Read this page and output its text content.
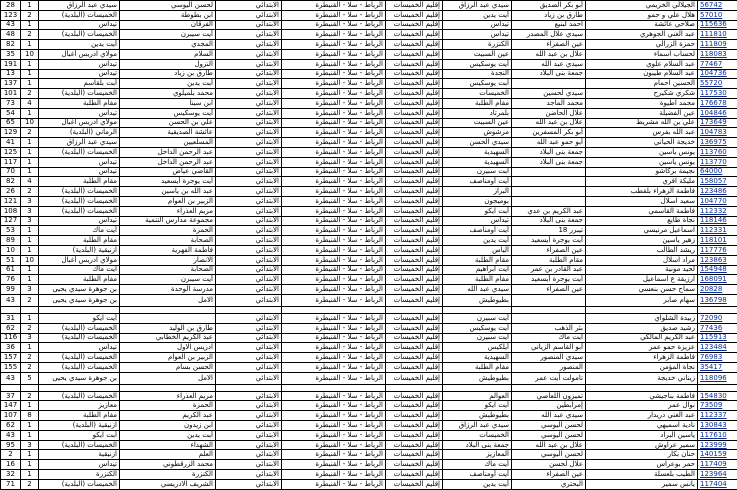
56742	الجيلالي الخزيمي	أبو بكر الصديق	سيدي عبد الرزاق	إقليم الخميسات	الرباط - سلا - القنيطرة	الابتدائي	لحسن اليوسي	سيدي عبد الرزاق	1	28
57010	هلال علي و حمو	طارق بن زياد	أيت يدين	إقليم الخميسات	الرباط - سلا - القنيطرة	الابتدائي	ابن بطوطة	الخميسات (البلدية)	2	123
115636	صلاحي عائشة	احمد لبنيع	تيداس	إقليم الخميسات	الرباط - سلا - القنيطرة	الابتدائي	الفرقان	تيداس	1	43
111810	عبد الغني الجوهري	سيدي علال المصدر	تيداس	إقليم الخميسات	الرباط - سلا - القنيطرة	الابتدائي	أيت سيبرن	الخميسات (البلدية)	2	48
111809	حمزة الزرالي	عين الصفراء	الكنزرة	إقليم الخميسات	الرباط - سلا - القنيطرة	الابتدائي	المجدي	أيت يدين	1	82
118083	لحساب اسماء	علال بن عبد الله	عين السبيت	إقليم الخميسات	الرباط - سلا - القنيطرة	الابتدائي	السلام	مولاي ادريس أغبال	10	35
77467	عبد السلام علوي	سيدي عبد الله	أيت يوسكيس	إقليم الخميسات	الرباط - سلا - القنيطرة	الابتدائي	النزول	تيداس	1	191
104736	عبد السلام طيبون	جمعة بنى البلاد	النجدة	إقليم الخميسات	الرباط - سلا - القنيطرة	الابتدائي	طارق بن زياد	تيداس	1	13
55720	الحسين احمام		أيت يوسكيس	إقليم الخميسات	الرباط - سلا - القنيطرة	الابتدائي	أيت يدين	أيت بلقاسم	1	137
117530	شكري شكيرح	سيدي لحسين	الخميسات	إقليم الخميسات	الرباط - سلا - القنيطرة	الابتدائي	محمد بلميلوي	الخميسات (البلدية)	2	101
176678	محمد اطيوة	محمد الماجد	مقام الطلبة	إقليم الخميسات	الرباط - سلا - القنيطرة	الابتدائي	ابن سينا	مقام الطلبة	4	73
104846	عين الفضيلة	علال الحاضن	بلمرتاد	إقليم الخميسات	الرباط - سلا - القنيطرة	الابتدائي	أيت يوسكيس	تيداس	1	54
173649	علي بن الله مشريط	علال بن عبد الله	عين السبيت	إقليم الخميسات	الرباط - سلا - القنيطرة	الابتدائي	علي بن الحسن	مولاي ادريس أغبال	10	65
104783	عبد الله بفرس	أبو بكر المسفرين	مرشوش	إقليم الخميسات	الرباط - سلا - القنيطرة	الابتدائي	عائشة الصديقية	الرماني (البلدية)	2	129
136975	خديجة الحياني	أبو حمو عبد الله	سيدي الحسن	إقليم الخميسات	الرباط - سلا - القنيطرة	الابتدائي	المسلعيين	سيدي عبد الرزاق	1	41
113760	يونس ياسين	جمعة بنى البلاد	السهيدية	إقليم الخميسات	الرباط - سلا - القنيطرة	الابتدائي	عبد الرحمن الداخل	الخميسات (البلدية)	1	125
113770	يونس ياسين	جمعة بنى البلاد	السهيدية	إقليم الخميسات	الرباط - سلا - القنيطرة	الابتدائي	عبد الرحمن الداخل	تيداس	1	117
64000	نجيمة بركاشو		أيت سبيرن	إقليم الخميسات	الرباط - سلا - القنيطرة	الابتدائي	القاضي عياض	تيداس	1	70
158057	مليكة افري		أيت أومناصف	إقليم الخميسات	الرباط - سلا - القنيطرة	الابتدائي	أيت يوجرة أيسعيد	مقام الطلبة	4	82
123486	فاطمة الزهراء بلقطب		البراز	إقليم الخميسات	الرباط - سلا - القنيطرة	الابتدائي	عبد الله بن ياسين	الخميسات (البلدية)	2	26
104770	سعيد اسلال		بوميجون	إقليم الخميسات	الرباط - سلا - القنيطرة	الابتدائي	الزبير بن العوام	الخميسات (البلدية)	3	121
112332	فاطمة القاسمي	عبد الكريم بن عدي	أيت ايكو	إقليم الخميسات	الرباط - سلا - القنيطرة	الابتدائي	مريم العذراء	الخميسات (البلدية)	3	108
118146	نجاة طايع	جمعة بنى البلاد	تيداس	إقليم الخميسات	الرباط - سلا - القنيطرة	الابتدائي	مجموعة مدارس التنمية	تيداس	3	127
112331	اسماعيل مرنيسي	تيبرر 18	أيت أومناصف	إقليم الخميسات	الرباط - سلا - القنيطرة	الابتدائي	الحمزة	أيت ماك	1	53
118101	زهير ياسين	أيت يوجرة أيسعيد	أيت يدين	إقليم الخميسات	الرباط - سلا - القنيطرة	الابتدائي	الصحابة	مقام الطلبة	1	89
117776	ريشد الطالب	عين الصفراء	الياس	إقليم الخميسات	الرباط - سلا - القنيطرة	الابتدائي	فاطمة الفهرية	ازنيقية (البلدية)	1	10
123863	مراد اسلال	مقام الطلبة	مقام الطلبة	إقليم الخميسات	الرباط - سلا - القنيطرة	الابتدائي	الانصار	مولاي ادريس أغبال	10	51
154948	لحيد مونية	عبد القادر بن عمر	أيت ابراهيم	إقليم الخميسات	الرباط - سلا - القنيطرة	الابتدائي	الصحابة	أيت ماك	1	61
168091	ارزيقة ع اسماعيل	أيت يوجرة أيسعيد	مقام الطلبة	إقليم الخميسات	الرباط - سلا - القنيطرة	الابتدائي	أيت سيبرن	مقام الطلبة	1	76
20828	سماح حسن بنعسي	عين الصفراء	سيدي عبد الله	إقليم الخميسات	الرباط - سلا - القنيطرة	الابتدائي	مدرسة الوحدة	بن جوهرة سيدي يحيى	3	99
136798	سهام صابر		بطيوطيش	إقليم الخميسات	الرباط - سلا - القنيطرة	الابتدائي	الامل	بن جوهرة سيدي يحيى	2	43

72090	زبيدة الشلواي		أيت سبيرن	إقليم الخميسات	الرباط - سلا - القنيطرة	الابتدائي		أيت ايكو	1	31
77436	رشيد صديق	بئر الذهب	أيت يوسكيس	إقليم الخميسات	الرباط - سلا - القنيطرة	الابتدائي	طارق بن الوليد	الخميسات (البلدية)	2	62
115913	عبد الكريم المالكي	أيت ماك	أيت سبيرن	إقليم الخميسات	الرباط - سلا - القنيطرة	الابتدائي	عبد الكريم الخطابي	الخميسات (البلدية)	3	116
123484	عزيزة حمو عمر	أبو القاسم الزياني	أيلكيس	إقليم الخميسات	الرباط - سلا - القنيطرة	الابتدائي	ادريس الاول	تيداس	1	36
76983	فاطمة الزهراء	سيدي المنصور	السهيدية	إقليم الخميسات	الرباط - سلا - القنيطرة	الابتدائي	الزبير بن العوام	الخميسات (البلدية)	2	157
35417	نجاة المؤمن	المنصور	مقام الطلبة	إقليم الخميسات	الرباط - سلا - القنيطرة	الابتدائي	الحسن بسام	الخميسات (البلدية)	2	155
118096	زيناني خديجة	تامولت أيت عمر	بطيوطيش	إقليم الخميسات	الرباط - سلا - القنيطرة	الابتدائي	الامل	بن جوهرة سيدي يحيى	5	43

154830	فاطمة بناجيشي	تميزون اللعاصي	العوالم	إقليم الخميسات	الرباط - سلا - القنيطرة	الابتدائي	مريم العذراء	الخميسات (البلدية)	2	37
73509	نوال عمر	إمرابطين	أيت ايكو	إقليم الخميسات	الرباط - سلا - القنيطرة	الابتدائي	الحمزة	معازيز	1	147
112337	عبد الغني دريدار	سيدي عبد الله	بطيوطيش	إقليم الخميسات	الرباط - سلا - القنيطرة	الابتدائي	عبد الكريم	مقام الطلبة	8	107
130843	نادية اسميهي	لحسن اليوسي	سيدي عبد الرزاق	إقليم الخميسات	الرباط - سلا - القنيطرة	الابتدائي	ابن زيدون	ازنيقية (البلدية)	1	62
117610	ياسين البراد	لحسن اليوسي	الخميسات	إقليم الخميسات	الرباط - سلا - القنيطرة	الابتدائي	أيت يدين	أيت ايكو	1	43
123999	سمير عراوش	علال بن عبد الله	جمعة بنى البلاد	إقليم الخميسات	الرباط - سلا - القنيطرة	الابتدائي	الشهداء	الخميسات (البلدية)	3	95
140159	حنان بكار	لحسن اليوسي	المعازيز	إقليم الخميسات	الرباط - سلا - القنيطرة	الابتدائي	العلم	ازنيقية	1	2
117409	حمر بوعراس	علال لحسن	أيت ماك	إقليم الخميسات	الرباط - سلا - القنيطرة	الابتدائي	محمد الزرقطوني	تيداس	1	16
123964	الطيب بلعسلة	عين الصفراء	أيت أومناصف	إقليم الخميسات	الرباط - سلا - القنيطرة	الابتدائي	الكنزرة	الكنزرة	1	32
117404	يانس سمير	البحتري	أيت يدين	إقليم الخميسات	الرباط - سلا - القنيطرة	الابتدائي	الشريف الادريسي	الخميسات (البلدية)	2	71
